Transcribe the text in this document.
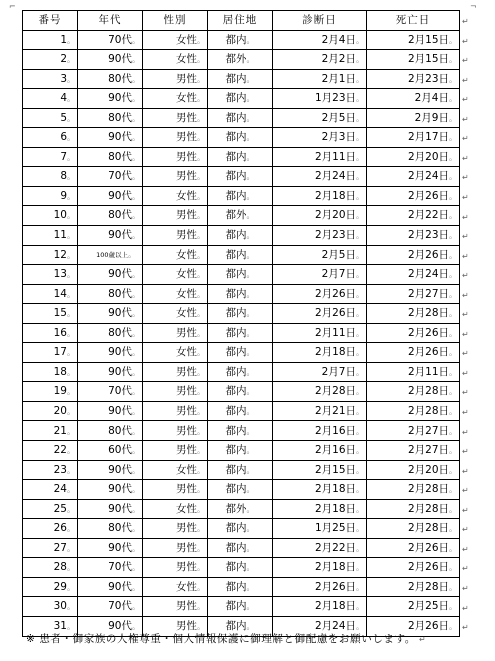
⌐	¬
番号	年代	性別	居住地	診断日	死亡日
1。	70代。	女性。	都内。	2月4日。	2月15日。
2。	90代。	女性。	都外。	2月2日。	2月15日。
3。	80代。	男性。	都内。	2月1日。	2月23日。
4。	90代。	女性。	都内。	1月23日。	2月4日。
5。	80代。	男性。	都内。	2月5日。	2月9日。
6。	90代。	男性。	都内。	2月3日。	2月17日。
7。	80代。	男性。	都内。	2月11日。	2月20日。
8。	70代。	男性。	都内。	2月24日。	2月24日。
9。	90代。	女性。	都内。	2月18日。	2月26日。
10。	80代。	男性。	都外。	2月20日。	2月22日。
11。	90代。	男性。	都内。	2月23日。	2月23日。
12。	100歳以上。	女性。	都内。	2月5日。	2月26日。
13。	90代。	女性。	都内。	2月7日。	2月24日。
14。	80代。	女性。	都内。	2月26日。	2月27日。
15。	90代。	女性。	都内。	2月26日。	2月28日。
16。	80代。	男性。	都内。	2月11日。	2月26日。
17。	90代。	女性。	都内。	2月18日。	2月26日。
18。	90代。	男性。	都内。	2月7日。	2月11日。
19。	70代。	男性。	都内。	2月28日。	2月28日。
20。	90代。	男性。	都内。	2月21日。	2月28日。
21。	80代。	男性。	都内。	2月16日。	2月27日。
22。	60代。	男性。	都内。	2月16日。	2月27日。
23。	90代。	女性。	都内。	2月15日。	2月20日。
24。	90代。	男性。	都内。	2月18日。	2月28日。
25。	90代。	女性。	都外。	2月18日。	2月28日。
26。	80代。	男性。	都内。	1月25日。	2月28日。
27。	90代。	男性。	都内。	2月22日。	2月26日。
28。	70代。	男性。	都内。	2月18日。	2月26日。
29。	90代。	女性。	都内。	2月26日。	2月28日。
30。	70代。	男性。	都内。	2月18日。	2月25日。
31。	90代。	男性。	都内。	2月24日。	2月26日。
↵
↵
↵
↵
↵
↵
↵
↵
↵
↵
↵
↵
↵
↵
↵
↵
↵
↵
↵
↵
↵
↵
↵
↵
↵
↵
↵
↵
↵
↵
↵
↵
※ 患者・御家族の人権尊重・個人情報保護に御理解と御配慮をお願いします。 ↵
